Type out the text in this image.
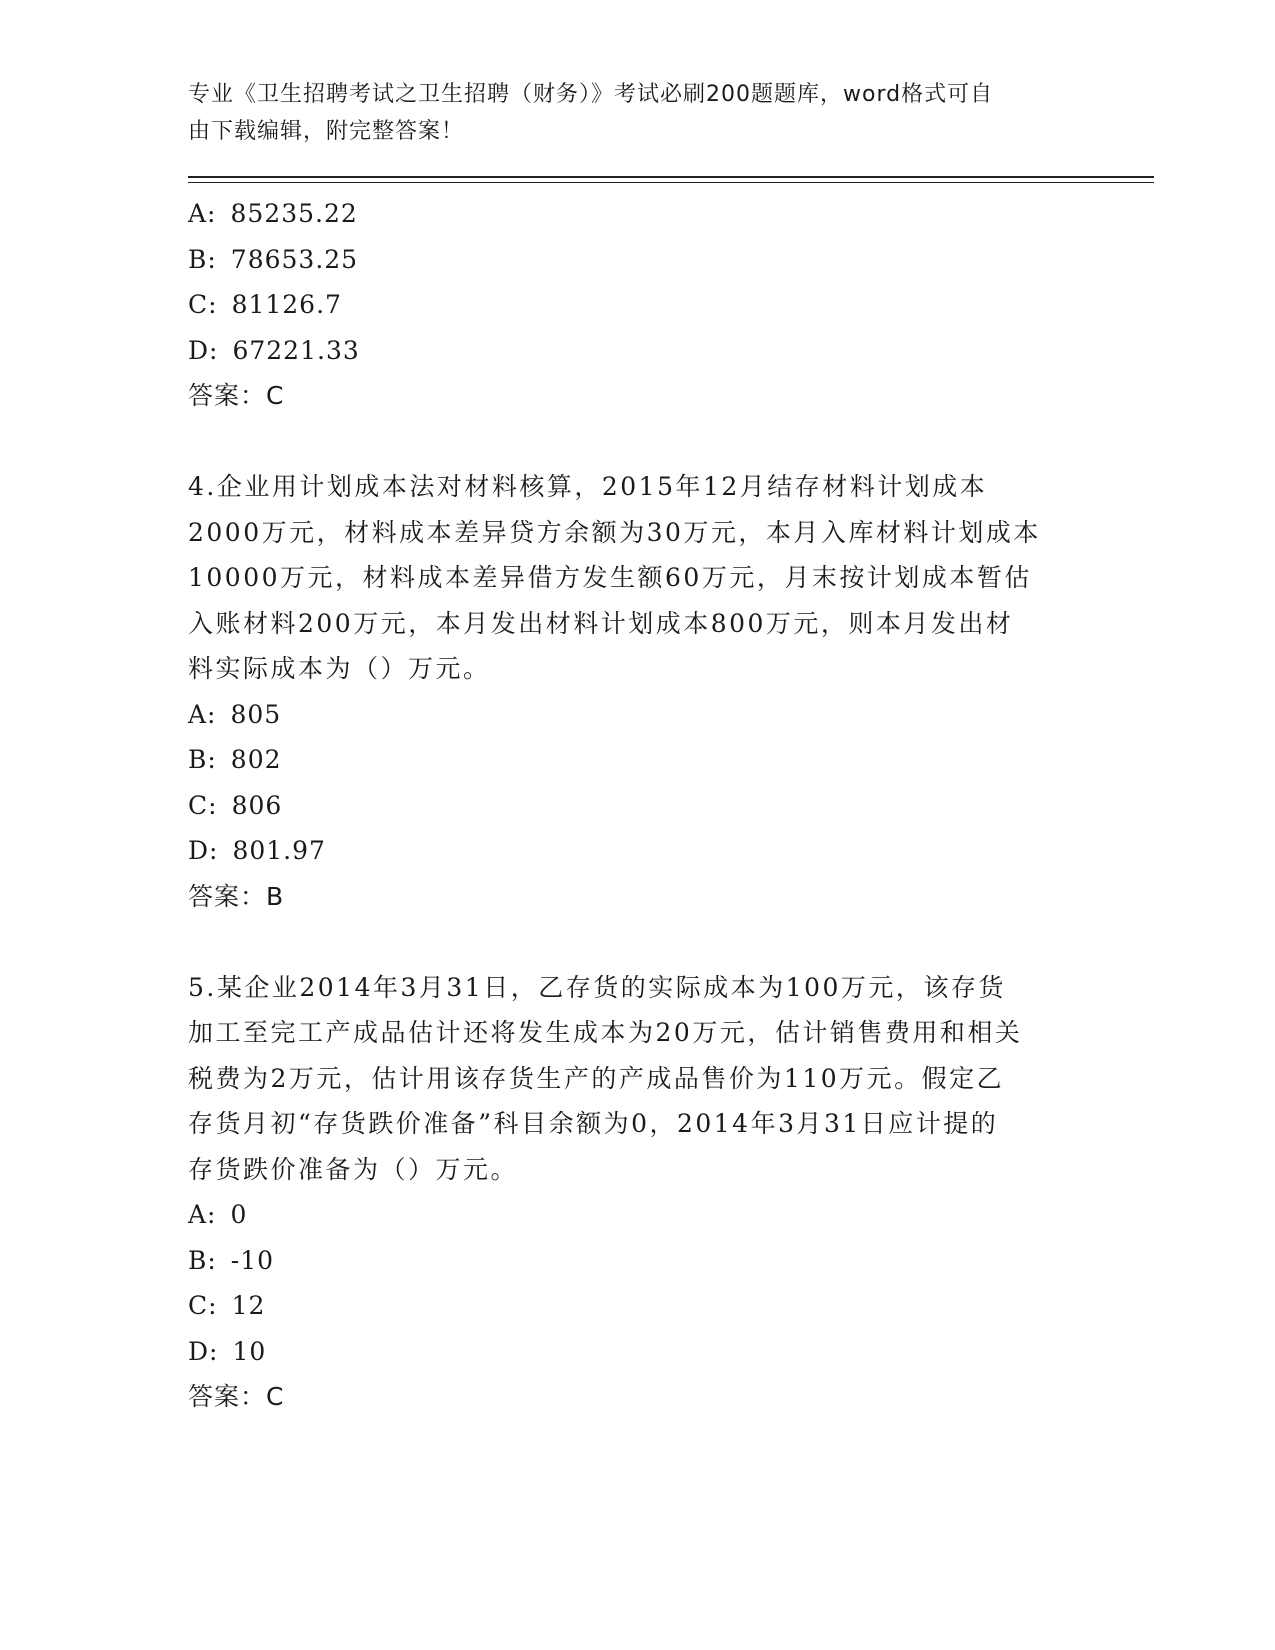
专业《卫生招聘考试之卫生招聘（财务）》考试必刷200题题库，word格式可自
由下载编辑，附完整答案！
A: 85235.22
B: 78653.25
C: 81126.7
D: 67221.33
答案：C
4.企业用计划成本法对材料核算，2015年12月结存材料计划成本
2000万元，材料成本差异贷方余额为30万元，本月入库材料计划成本
10000万元，材料成本差异借方发生额60万元，月末按计划成本暂估
入账材料200万元，本月发出材料计划成本800万元，则本月发出材
料实际成本为（）万元。
A: 805
B: 802
C: 806
D: 801.97
答案：B
5.某企业2014年3月31日，乙存货的实际成本为100万元，该存货
加工至完工产成品估计还将发生成本为20万元，估计销售费用和相关
税费为2万元，估计用该存货生产的产成品售价为110万元。假定乙
存货月初“存货跌价准备”科目余额为0，2014年3月31日应计提的
存货跌价准备为（）万元。
A: 0
B: -10
C: 12
D: 10
答案：C
